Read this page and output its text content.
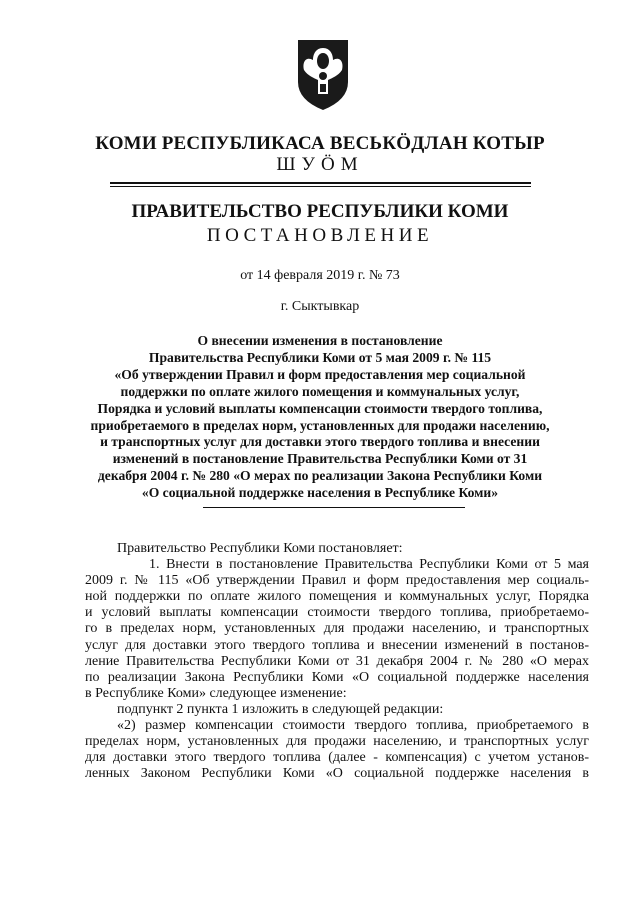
КОМИ РЕСПУБЛИКАСА ВЕСЬКӦДЛАН КОТЫР
ШУӦМ
ПРАВИТЕЛЬСТВО РЕСПУБЛИКИ КОМИ
ПОСТАНОВЛЕНИЕ
от 14 февраля 2019 г. № 73
г. Сыктывкар
О внесении изменения в постановление
Правительства Республики Коми от 5 мая 2009 г. № 115
«Об утверждении Правил и форм предоставления мер социальной
поддержки по оплате жилого помещения и коммунальных услуг,
Порядка и условий выплаты компенсации стоимости твердого топлива,
приобретаемого в пределах норм, установленных для продажи населению,
и транспортных услуг для доставки этого твердого топлива и внесении
изменений в постановление Правительства Республики Коми от 31
декабря 2004 г. № 280 «О мерах по реализации Закона Республики Коми
«О социальной поддержке населения в Республике Коми»
Правительство Республики Коми постановляет:
1. Внести в постановление Правительства Республики Коми от 5 мая
2009 г. № 115 «Об утверждении Правил и форм предоставления мер социаль-
ной поддержки по оплате жилого помещения и коммунальных услуг, Порядка
и условий выплаты компенсации стоимости твердого топлива, приобретаемо-
го в пределах норм, установленных для продажи населению, и транспортных
услуг для доставки этого твердого топлива и внесении изменений в постанов-
ление Правительства Республики Коми от 31 декабря 2004 г. № 280 «О мерах
по реализации Закона Республики Коми «О социальной поддержке населения
в Республике Коми» следующее изменение:
подпункт 2 пункта 1 изложить в следующей редакции:
«2) размер компенсации стоимости твердого топлива, приобретаемого в
пределах норм, установленных для продажи населению, и транспортных услуг
для доставки этого твердого топлива (далее - компенсация) с учетом установ-
ленных Законом Республики Коми «О социальной поддержке населения в
